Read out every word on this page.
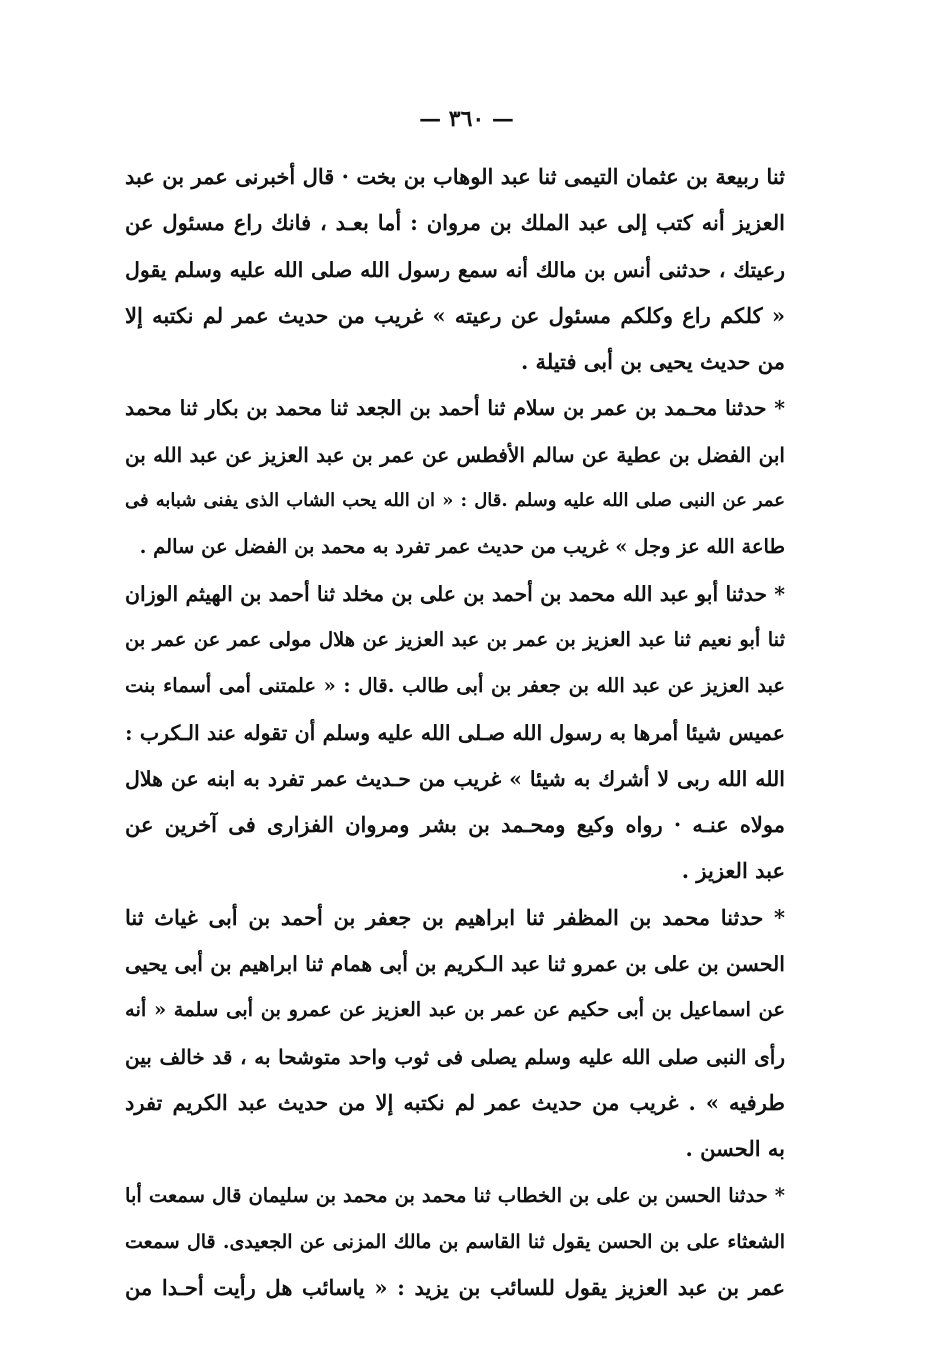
— ٣٦٠ —
ثنا ربيعة بن عثمان التيمى ثنا عبد الوهاب بن بخت · قال أخبرنى عمر بن عبد
العزيز أنه كتب إلى عبد الملك بن مروان : أما بعـد ، فانك راع مسئول عن
رعيتك ، حدثنى أنس بن مالك أنه سمع رسول الله صلى الله عليه وسلم يقول
« كلكم راع وكلكم مسئول عن رعيته » غريب من حديث عمر لم نكتبه إلا
من حديث يحيى بن أبى فتيلة .
* حدثنا محـمد بن عمر بن سلام ثنا أحمد بن الجعد ثنا محمد بن بكار ثنا محمد
ابن الفضل بن عطية عن سالم الأفطس عن عمر بن عبد العزيز عن عبد الله بن
عمر عن النبى صلى الله عليه وسلم .قال : « ان الله يحب الشاب الذى يفنى شبابه فى
طاعة الله عز وجل » غريب من حديث عمر تفرد به محمد بن الفضل عن سالم .
* حدثنا أبو عبد الله محمد بن أحمد بن على بن مخلد ثنا أحمد بن الهيثم الوزان
ثنا أبو نعيم ثنا عبد العزيز بن عمر بن عبد العزيز عن هلال مولى عمر عن عمر بن
عبد العزيز عن عبد الله بن جعفر بن أبى طالب .قال : « علمتنى أمى أسماء بنت
عميس شيئا أمرها به رسول الله صـلى الله عليه وسلم أن تقوله عند الـكرب :
الله الله ربى لا أشرك به شيئا » غريب من حـديث عمر تفرد به ابنه عن هلال
مولاه عنـه · رواه وكيع ومحـمد بن بشر ومروان الفزارى فى آخرين عن
عبد العزيز .
* حدثنا محمد بن المظفر ثنا ابراهيم بن جعفر بن أحمد بن أبى غياث ثنا
الحسن بن على بن عمرو ثنا عبد الـكريم بن أبى همام ثنا ابراهيم بن أبى يحيى
عن اسماعيل بن أبى حكيم عن عمر بن عبد العزيز عن عمرو بن أبى سلمة « أنه
رأى النبى صلى الله عليه وسلم يصلى فى ثوب واحد متوشحا به ، قد خالف بين
طرفيه » . غريب من حديث عمر لم نكتبه إلا من حديث عبد الكريم تفرد
به الحسن .
* حدثنا الحسن بن على بن الخطاب ثنا محمد بن محمد بن سليمان قال سمعت أبا
الشعثاء على بن الحسن يقول ثنا القاسم بن مالك المزنى عن الجعيدى. قال سمعت
عمر بن عبد العزيز يقول للسائب بن يزيد : « ياسائب هل رأيت أحـدا من
